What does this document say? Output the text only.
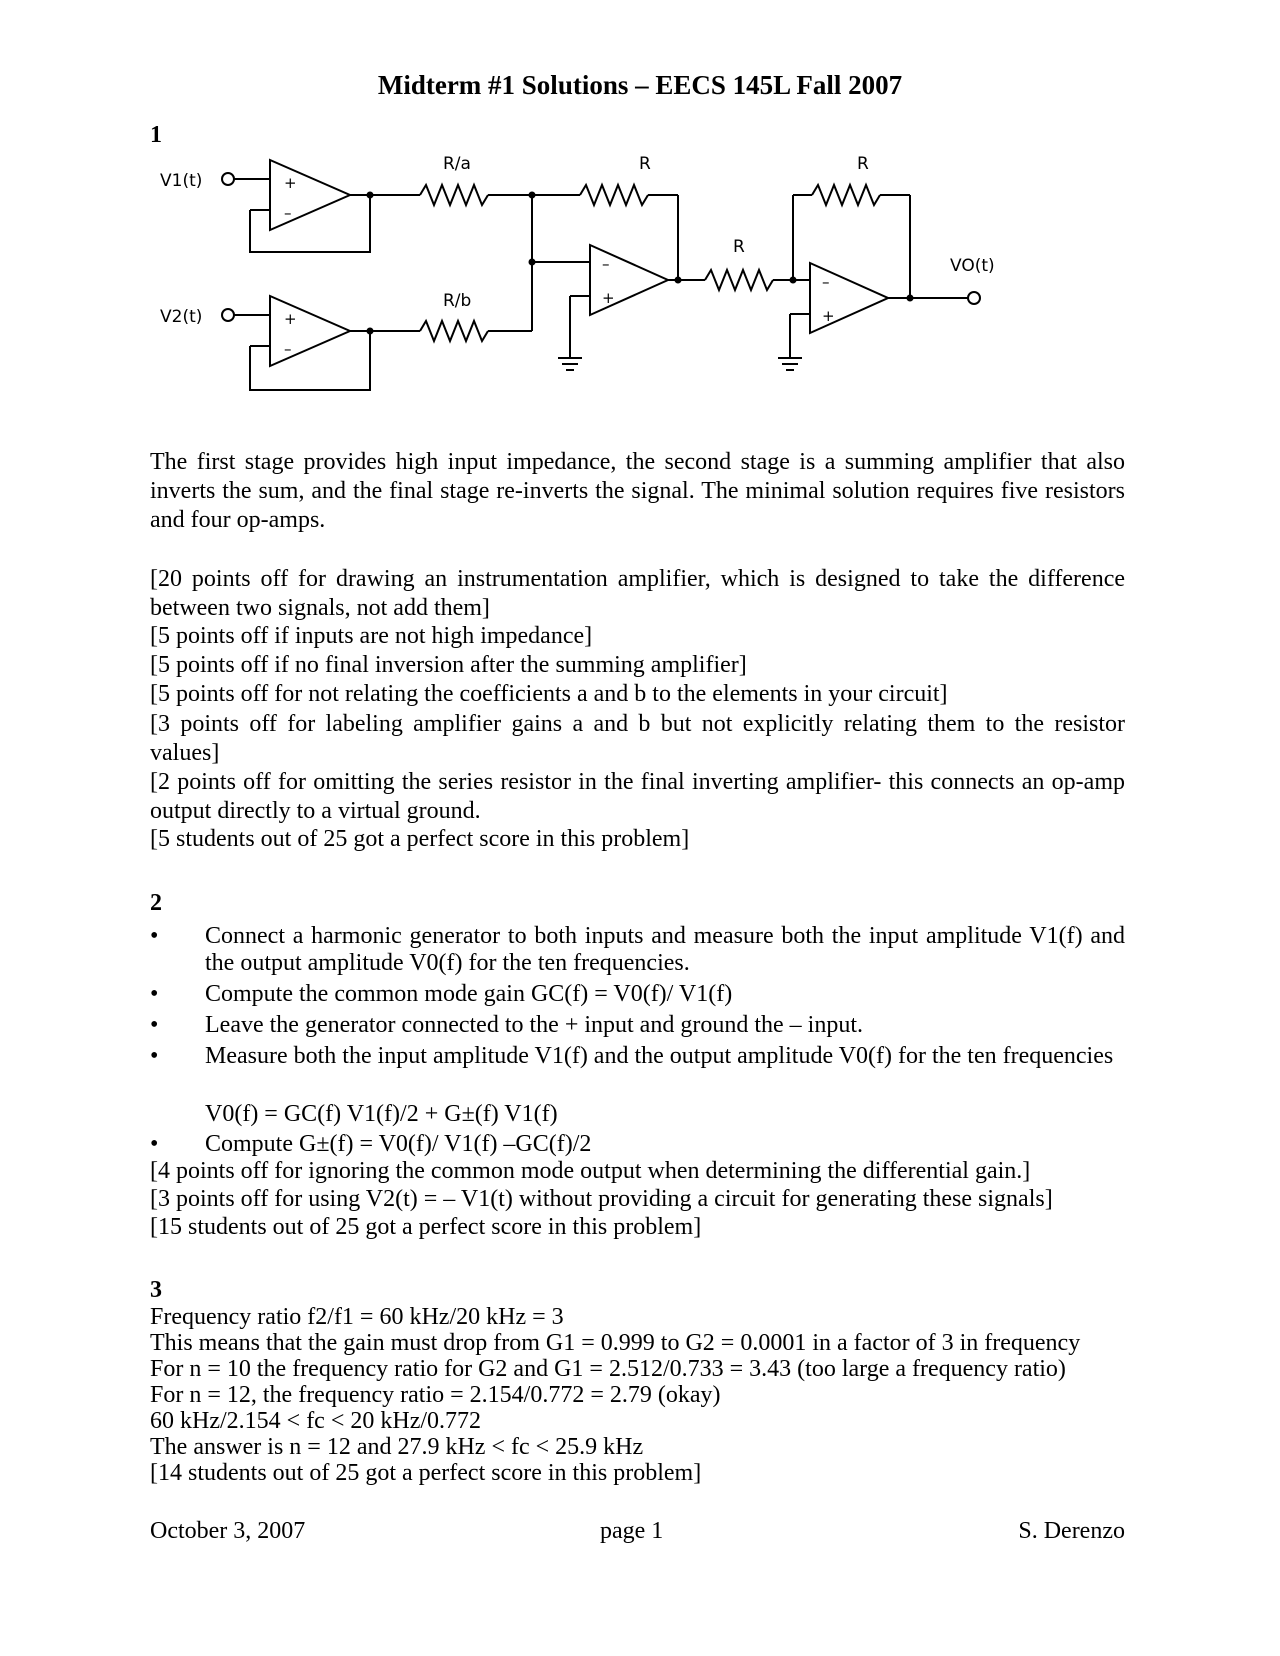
Midterm #1 Solutions – EECS 145L Fall 2007
1
+
–
+
–
–
+
–
+
V1(t)
V2(t)
VO(t)
R/a
R/b
R
R
R
The first stage provides high input impedance, the second stage is a summing amplifier that also inverts the sum, and the final stage re-inverts the signal. The minimal solution requires five resistors and four op-amps.
[20 points off for drawing an instrumentation amplifier, which is designed to take the difference between two signals, not add them]
[5 points off if inputs are not high impedance]
[5 points off if no final inversion after the summing amplifier]
[5 points off for not relating the coefficients a and b to the elements in your circuit]
[3 points off for labeling amplifier gains a and b but not explicitly relating them to the resistor values]
[2 points off for omitting the series resistor in the final inverting amplifier- this connects an op-amp output directly to a virtual ground.
[5 students out of 25 got a perfect score in this problem]
2
• Connect a harmonic generator to both inputs and measure both the input amplitude V1(f) and the output amplitude V0(f) for the ten frequencies.
• Compute the common mode gain GC(f) = V0(f)/ V1(f)
• Leave the generator connected to the + input and ground the – input.
• Measure both the input amplitude V1(f) and the output amplitude V0(f) for the ten frequencies
V0(f) = GC(f) V1(f)/2 + G±(f) V1(f)
• Compute G±(f) = V0(f)/ V1(f) –GC(f)/2
[4 points off for ignoring the common mode output when determining the differential gain.]
[3 points off for using V2(t) = – V1(t) without providing a circuit for generating these signals]
[15 students out of 25 got a perfect score in this problem]
3
Frequency ratio f2/f1 = 60 kHz/20 kHz = 3
This means that the gain must drop from G1 = 0.999 to G2 = 0.0001 in a factor of 3 in frequency
For n = 10 the frequency ratio for G2 and G1 = 2.512/0.733 = 3.43 (too large a frequency ratio)
For n = 12, the frequency ratio = 2.154/0.772 = 2.79 (okay)
60 kHz/2.154 < fc < 20 kHz/0.772
The answer is n = 12 and 27.9 kHz < fc < 25.9 kHz
[14 students out of 25 got a perfect score in this problem]
October 3, 2007	page 1	S. Derenzo
